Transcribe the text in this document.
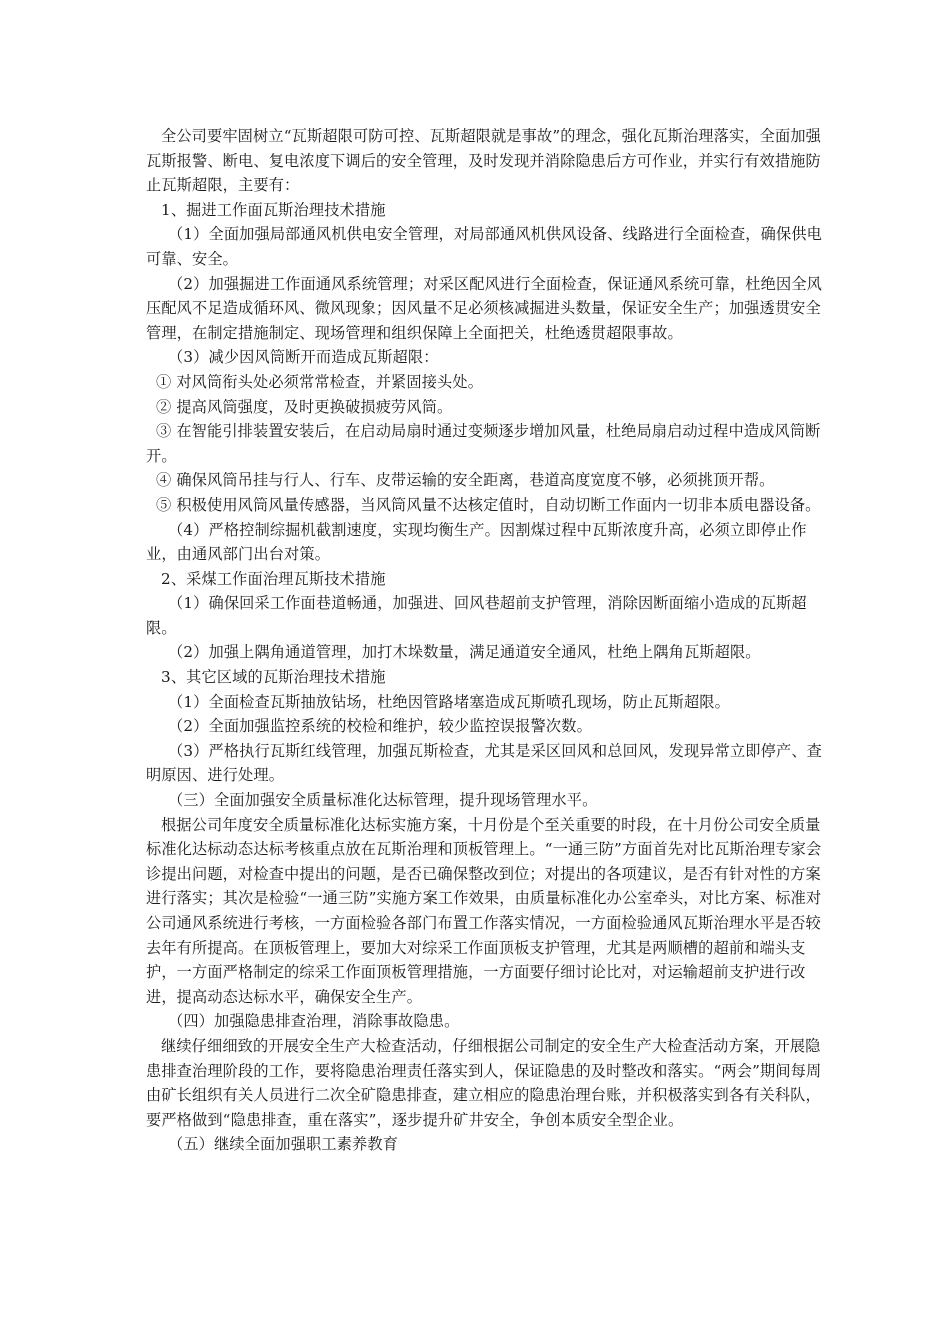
全公司要牢固树立“瓦斯超限可防可控、瓦斯超限就是事故”的理念，强化瓦斯治理落实，全面加强瓦斯报警、断电、复电浓度下调后的安全管理，及时发现并消除隐患后方可作业，并实行有效措施防止瓦斯超限，主要有：

1、掘进工作面瓦斯治理技术措施

（1）全面加强局部通风机供电安全管理，对局部通风机供风设备、线路进行全面检查，确保供电可靠、安全。

（2）加强掘进工作面通风系统管理；对采区配风进行全面检查，保证通风系统可靠，杜绝因全风压配风不足造成循环风、微风现象；因风量不足必须核减掘进头数量，保证安全生产；加强透贯安全管理，在制定措施制定、现场管理和组织保障上全面把关，杜绝透贯超限事故。

（3）减少因风筒断开而造成瓦斯超限：

① 对风筒衔头处必须常常检查，并紧固接头处。

② 提高风筒强度，及时更换破损疲劳风筒。

③ 在智能引排装置安装后，在启动局扇时通过变频逐步增加风量，杜绝局扇启动过程中造成风筒断开。

④ 确保风筒吊挂与行人、行车、皮带运输的安全距离，巷道高度宽度不够，必须挑顶开帮。

⑤ 积极使用风筒风量传感器，当风筒风量不达核定值时，自动切断工作面内一切非本质电器设备。

（4）严格控制综掘机截割速度，实现均衡生产。因割煤过程中瓦斯浓度升高，必须立即停止作业，由通风部门出台对策。

2、采煤工作面治理瓦斯技术措施

（1）确保回采工作面巷道畅通，加强进、回风巷超前支护管理，消除因断面缩小造成的瓦斯超限。

（2）加强上隅角通道管理，加打木垛数量，满足通道安全通风，杜绝上隅角瓦斯超限。

3、其它区域的瓦斯治理技术措施

（1）全面检查瓦斯抽放钻场，杜绝因管路堵塞造成瓦斯喷孔现场，防止瓦斯超限。

（2）全面加强监控系统的校检和维护，较少监控误报警次数。

（3）严格执行瓦斯红线管理，加强瓦斯检查，尤其是采区回风和总回风，发现异常立即停产、查明原因、进行处理。

（三）全面加强安全质量标准化达标管理，提升现场管理水平。

根据公司年度安全质量标准化达标实施方案，十月份是个至关重要的时段，在十月份公司安全质量标准化达标动态达标考核重点放在瓦斯治理和顶板管理上。“一通三防”方面首先对比瓦斯治理专家会诊提出问题，对检查中提出的问题，是否已确保整改到位；对提出的各项建议，是否有针对性的方案进行落实；其次是检验“一通三防”实施方案工作效果，由质量标准化办公室牵头，对比方案、标准对公司通风系统进行考核，一方面检验各部门布置工作落实情况，一方面检验通风瓦斯治理水平是否较去年有所提高。在顶板管理上，要加大对综采工作面顶板支护管理，尤其是两顺槽的超前和端头支护，一方面严格制定的综采工作面顶板管理措施，一方面要仔细讨论比对，对运输超前支护进行改进，提高动态达标水平，确保安全生产。

（四）加强隐患排查治理，消除事故隐患。

继续仔细细致的开展安全生产大检查活动，仔细根据公司制定的安全生产大检查活动方案，开展隐患排查治理阶段的工作，要将隐患治理责任落实到人，保证隐患的及时整改和落实。“两会”期间每周由矿长组织有关人员进行二次全矿隐患排查，建立相应的隐患治理台账，并积极落实到各有关科队，要严格做到“隐患排查，重在落实”，逐步提升矿井安全，争创本质安全型企业。

（五）继续全面加强职工素养教育
